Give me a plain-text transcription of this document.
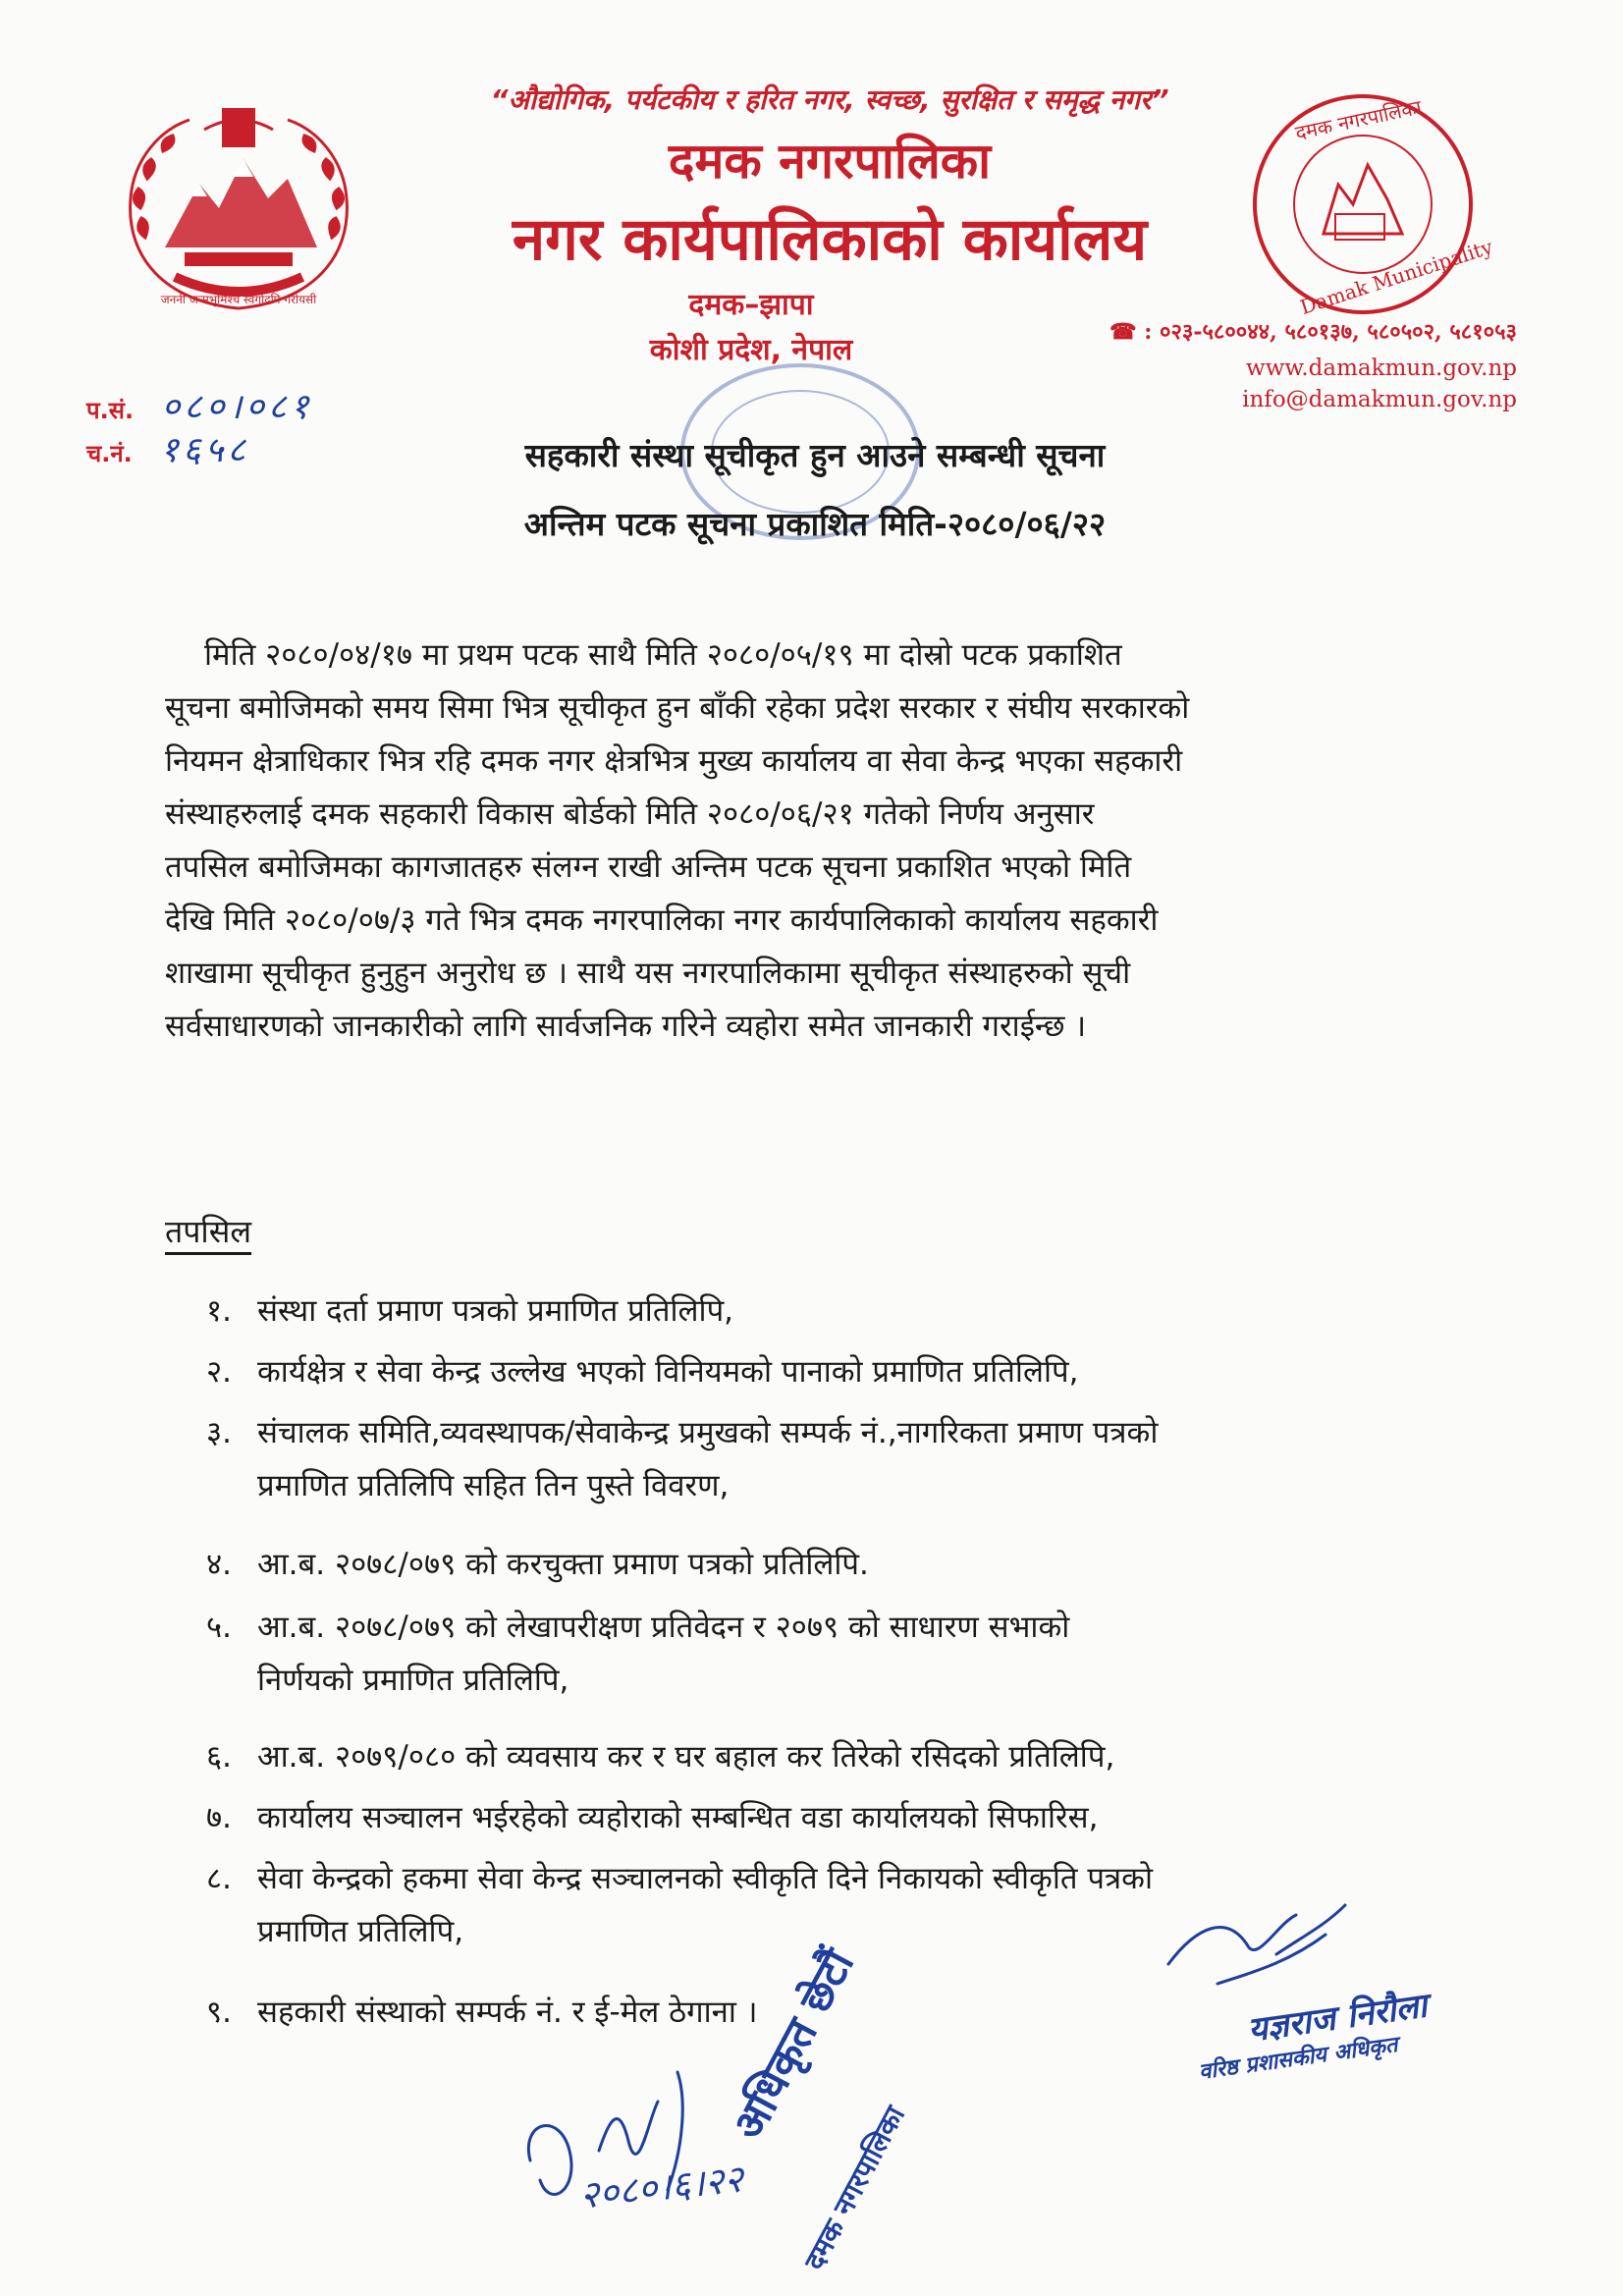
जननी जन्मभूमिश्च स्वर्गादपि गरीयसी
“औद्योगिक, पर्यटकीय र हरित नगर, स्वच्छ, सुरक्षित र समृद्ध नगर”
दमक नगरपालिका
नगर कार्यपालिकाको कार्यालय
दमक–झापा
कोशी प्रदेश, नेपाल
दमक नगरपालिका
Damak Municipality
☎ : ०२३-५८००४४, ५८०१३७, ५८०५०२, ५८१०५३
www.damakmun.gov.np
info@damakmun.gov.np
प.सं. ०८०।०८१
च.नं. १६५८	सहकारी संस्था सूचीकृत हुन आउने सम्बन्धी सूचना
अन्तिम पटक सूचना प्रकाशित मिति-२०८०/०६/२२
मिति २०८०/०४/१७ मा प्रथम पटक साथै मिति २०८०/०५/१९ मा दोस्रो पटक प्रकाशित
सूचना बमोजिमको समय सिमा भित्र सूचीकृत हुन बाँकी रहेका प्रदेश सरकार र संघीय सरकारको
नियमन क्षेत्राधिकार भित्र रहि दमक नगर क्षेत्रभित्र मुख्य कार्यालय वा सेवा केन्द्र भएका सहकारी
संस्थाहरुलाई दमक सहकारी विकास बोर्डको मिति २०८०/०६/२१ गतेको निर्णय अनुसार
तपसिल बमोजिमका कागजातहरु संलग्न राखी अन्तिम पटक सूचना प्रकाशित भएको मिति
देखि मिति २०८०/०७/३ गते भित्र दमक नगरपालिका नगर कार्यपालिकाको कार्यालय सहकारी
शाखामा सूचीकृत हुनुहुन अनुरोध छ । साथै यस नगरपालिकामा सूचीकृत संस्थाहरुको सूची
सर्वसाधारणको जानकारीको लागि सार्वजनिक गरिने व्यहोरा समेत जानकारी गराईन्छ ।
तपसिल
१. संस्था दर्ता प्रमाण पत्रको प्रमाणित प्रतिलिपि,
२. कार्यक्षेत्र र सेवा केन्द्र उल्लेख भएको विनियमको पानाको प्रमाणित प्रतिलिपि,
३. संचालक समिति,व्यवस्थापक/सेवाकेन्द्र प्रमुखको सम्पर्क नं.,नागरिकता प्रमाण पत्रको
प्रमाणित प्रतिलिपि सहित तिन पुस्ते विवरण,
४. आ.ब. २०७८/०७९ को करचुक्ता प्रमाण पत्रको प्रतिलिपि.
५. आ.ब. २०७८/०७९ को लेखापरीक्षण प्रतिवेदन र २०७९ को साधारण सभाको
निर्णयको प्रमाणित प्रतिलिपि,
६. आ.ब. २०७९/०८० को व्यवसाय कर र घर बहाल कर तिरेको रसिदको प्रतिलिपि,
७. कार्यालय सञ्चालन भईरहेको व्यहोराको सम्बन्धित वडा कार्यालयको सिफारिस,
८. सेवा केन्द्रको हकमा सेवा केन्द्र सञ्चालनको स्वीकृति दिने निकायको स्वीकृति पत्रको
प्रमाणित प्रतिलिपि,
९. सहकारी संस्थाको सम्पर्क नं. र ई-मेल ठेगाना ।	यज्ञराज निरौला
वरिष्ठ प्रशासकीय अधिकृत
२०८०।६।२२
अधिकृत छेटौं
दमक नगरपालिका
